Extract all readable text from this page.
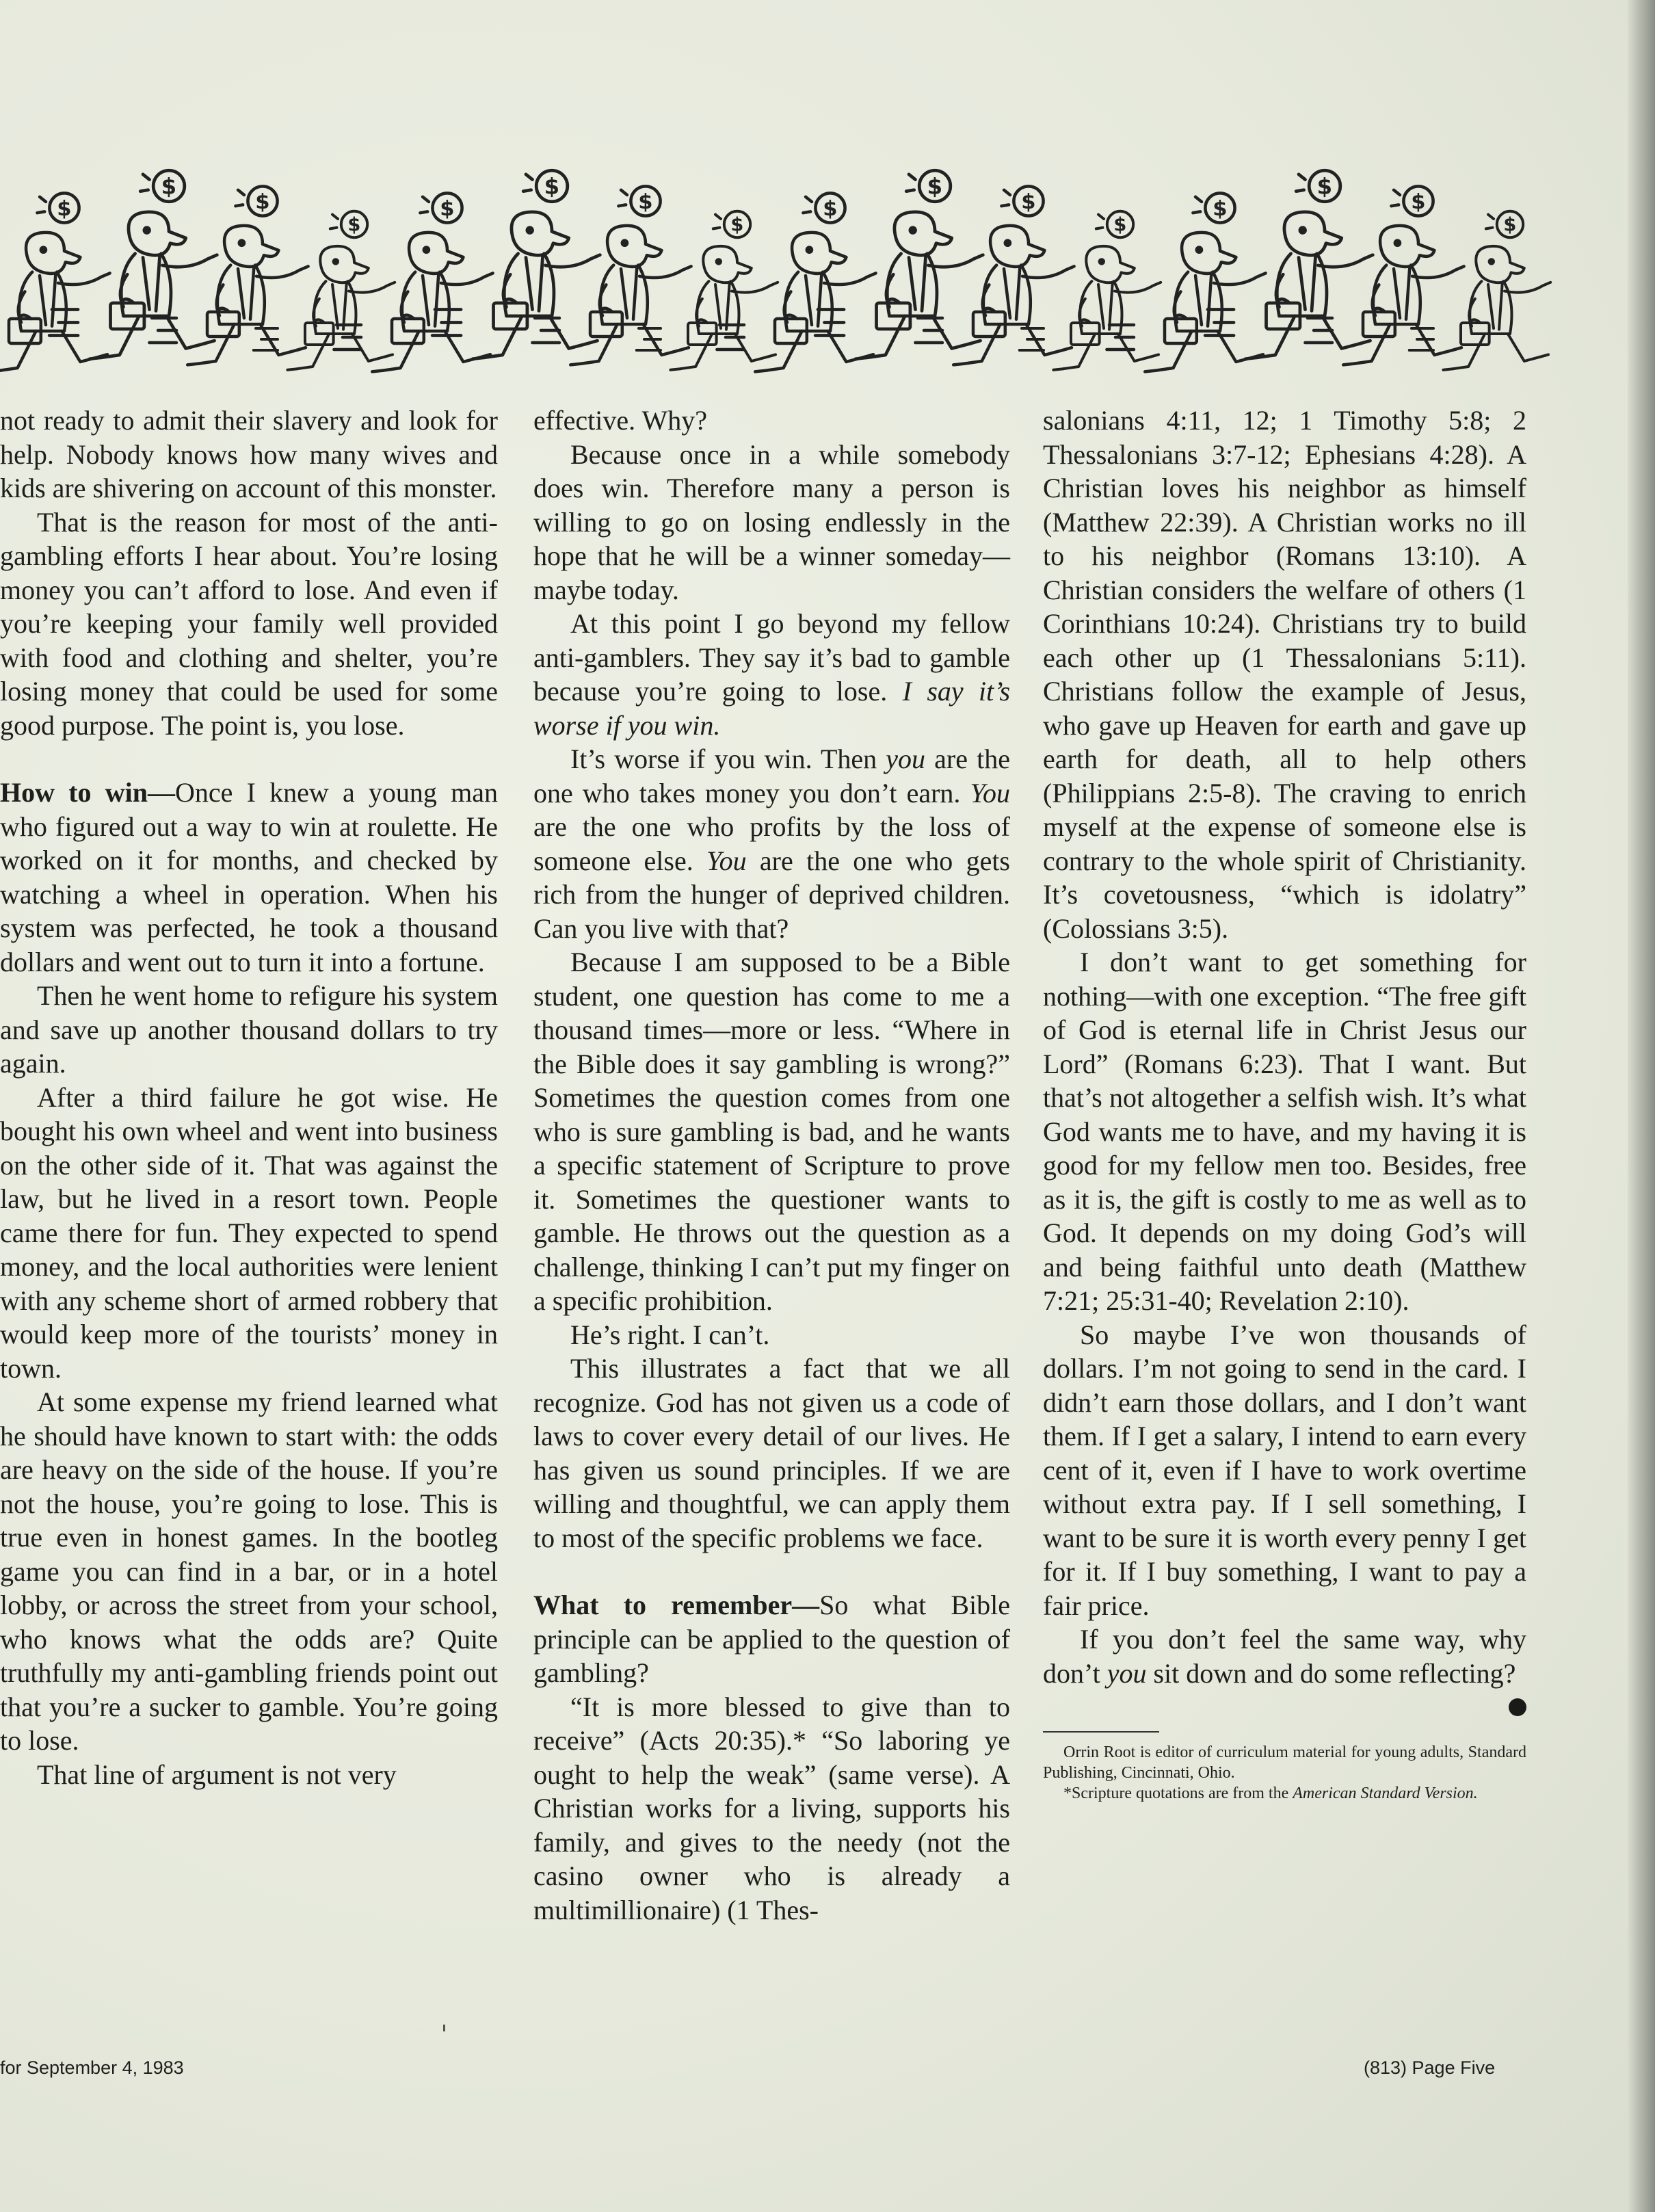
$
$
$
$
$
$
$
$
$
$
$
$
$
$
$
$

not ready to admit their slavery and look for help. Nobody knows how many wives and kids are shivering on account of this monster.

That is the reason for most of the anti-gambling efforts I hear about. You’re losing money you can’t afford to lose. And even if you’re keeping your family well provided with food and clothing and shelter, you’re losing money that could be used for some good purpose. The point is, you lose.

How to win—Once I knew a young man who figured out a way to win at roulette. He worked on it for months, and checked by watching a wheel in operation. When his system was perfected, he took a thousand dollars and went out to turn it into a fortune.

Then he went home to refigure his system and save up another thousand dollars to try again.

After a third failure he got wise. He bought his own wheel and went into business on the other side of it. That was against the law, but he lived in a resort town. People came there for fun. They expected to spend money, and the local authorities were lenient with any scheme short of armed robbery that would keep more of the tourists’ money in town.

At some expense my friend learned what he should have known to start with: the odds are heavy on the side of the house. If you’re not the house, you’re going to lose. This is true even in honest games. In the bootleg game you can find in a bar, or in a hotel lobby, or across the street from your school, who knows what the odds are? Quite truthfully my anti-gambling friends point out that you’re a sucker to gamble. You’re going to lose.

That line of argument is not very

effective. Why?

Because once in a while somebody does win. Therefore many a person is willing to go on losing endlessly in the hope that he will be a winner someday—maybe today.

At this point I go beyond my fellow anti-gamblers. They say it’s bad to gamble because you’re going to lose. I say it’s worse if you win.

It’s worse if you win. Then you are the one who takes money you don’t earn. You are the one who profits by the loss of someone else. You are the one who gets rich from the hunger of deprived children. Can you live with that?

Because I am supposed to be a Bible student, one question has come to me a thousand times—more or less. “Where in the Bible does it say gambling is wrong?” Sometimes the question comes from one who is sure gambling is bad, and he wants a specific statement of Scripture to prove it. Sometimes the questioner wants to gamble. He throws out the question as a challenge, thinking I can’t put my finger on a specific prohibition.

He’s right. I can’t.

This illustrates a fact that we all recognize. God has not given us a code of laws to cover every detail of our lives. He has given us sound principles. If we are willing and thoughtful, we can apply them to most of the specific problems we face.

What to remember—So what Bible principle can be applied to the question of gambling?

“It is more blessed to give than to receive” (Acts 20:35).* “So laboring ye ought to help the weak” (same verse). A Christian works for a living, supports his family, and gives to the needy (not the casino owner who is already a multimillionaire) (1 Thes-

salonians 4:11, 12; 1 Timothy 5:8; 2 Thessalonians 3:7-12; Ephesians 4:28). A Christian loves his neighbor as himself (Matthew 22:39). A Christian works no ill to his neighbor (Romans 13:10). A Christian considers the welfare of others (1 Corinthians 10:24). Christians try to build each other up (1 Thessalonians 5:11). Christians follow the example of Jesus, who gave up Heaven for earth and gave up earth for death, all to help others (Philippians 2:5-8). The craving to enrich myself at the expense of someone else is contrary to the whole spirit of Christianity. It’s covetousness, “which is idolatry” (Colossians 3:5).

I don’t want to get something for nothing—with one exception. “The free gift of God is eternal life in Christ Jesus our Lord” (Romans 6:23). That I want. But that’s not altogether a selfish wish. It’s what God wants me to have, and my having it is good for my fellow men too. Besides, free as it is, the gift is costly to me as well as to God. It depends on my doing God’s will and being faithful unto death (Matthew 7:21; 25:31-40; Revelation 2:10).

So maybe I’ve won thousands of dollars. I’m not going to send in the card. I didn’t earn those dollars, and I don’t want them. If I get a salary, I intend to earn every cent of it, even if I have to work overtime without extra pay. If I sell something, I want to be sure it is worth every penny I get for it. If I buy something, I want to pay a fair price.

If you don’t feel the same way, why don’t you sit down and do some reflecting?

Orrin Root is editor of curriculum material for young adults, Standard Publishing, Cincinnati, Ohio.

*Scripture quotations are from the American Standard Version.

for September 4, 1983	(813) Page Five
